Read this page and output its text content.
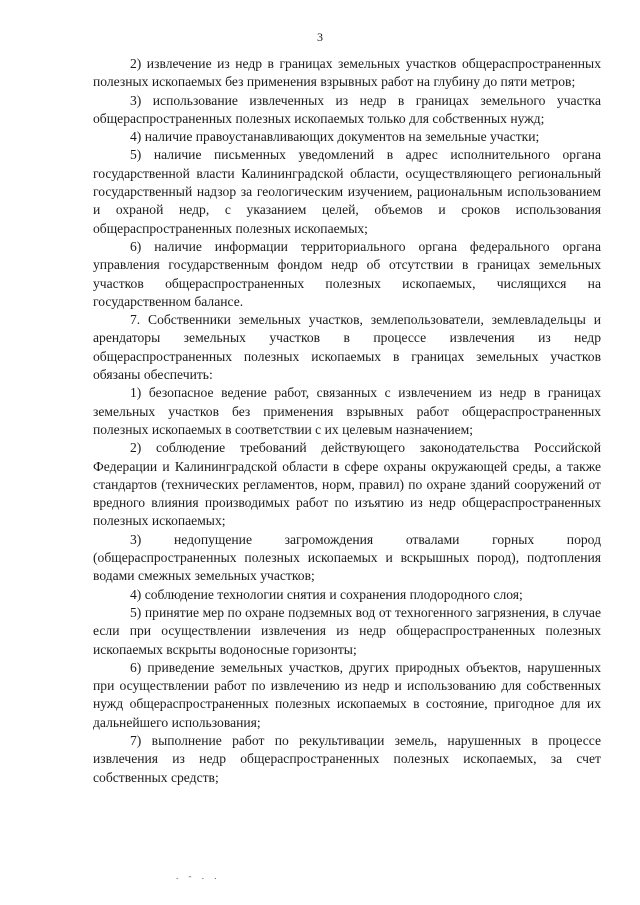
3

2) извлечение из недр в границах земельных участков общераспространенных полезных ископаемых без применения взрывных работ на глубину до пяти метров;

3) использование извлеченных из недр в границах земельного участка общераспространенных полезных ископаемых только для собственных нужд;

4) наличие правоустанавливающих документов на земельные участки;

5) наличие письменных уведомлений в адрес исполнительного органа государственной власти Калининградской области, осуществляющего региональный государственный надзор за геологическим изучением, рациональным использованием и охраной недр, с указанием целей, объемов и сроков использования общераспространенных полезных ископаемых;

6) наличие информации территориального органа федерального органа управления государственным фондом недр об отсутствии в границах земельных участков общераспространенных полезных ископаемых, числящихся на государственном балансе.

7. Собственники земельных участков, землепользователи, землевладельцы и арендаторы земельных участков в процессе извлечения из недр общераспространенных полезных ископаемых в границах земельных участков обязаны обеспечить:

1) безопасное ведение работ, связанных с извлечением из недр в границах земельных участков без применения взрывных работ общераспространенных полезных ископаемых в соответствии с их целевым назначением;

2) соблюдение требований действующего законодательства Российской Федерации и Калининградской области в сфере охраны окружающей среды, а также стандартов (технических регламентов, норм, правил) по охране зданий сооружений от вредного влияния производимых работ по изъятию из недр общераспространенных полезных ископаемых;

3) недопущение загромождения отвалами горных пород (общераспространенных полезных ископаемых и вскрышных пород), подтопления водами смежных земельных участков;

4) соблюдение технологии снятия и сохранения плодородного слоя;

5) принятие мер по охране подземных вод от техногенного загрязнения, в случае если при осуществлении извлечения из недр общераспространенных полезных ископаемых вскрыты водоносные горизонты;

6) приведение земельных участков, других природных объектов, нарушенных при осуществлении работ по извлечению из недр и использованию для собственных нужд общераспространенных полезных ископаемых в состояние, пригодное для их дальнейшего использования;

7) выполнение работ по рекультивации земель, нарушенных в процессе извлечения из недр общераспространенных полезных ископаемых, за счет собственных средств;

. - . .
